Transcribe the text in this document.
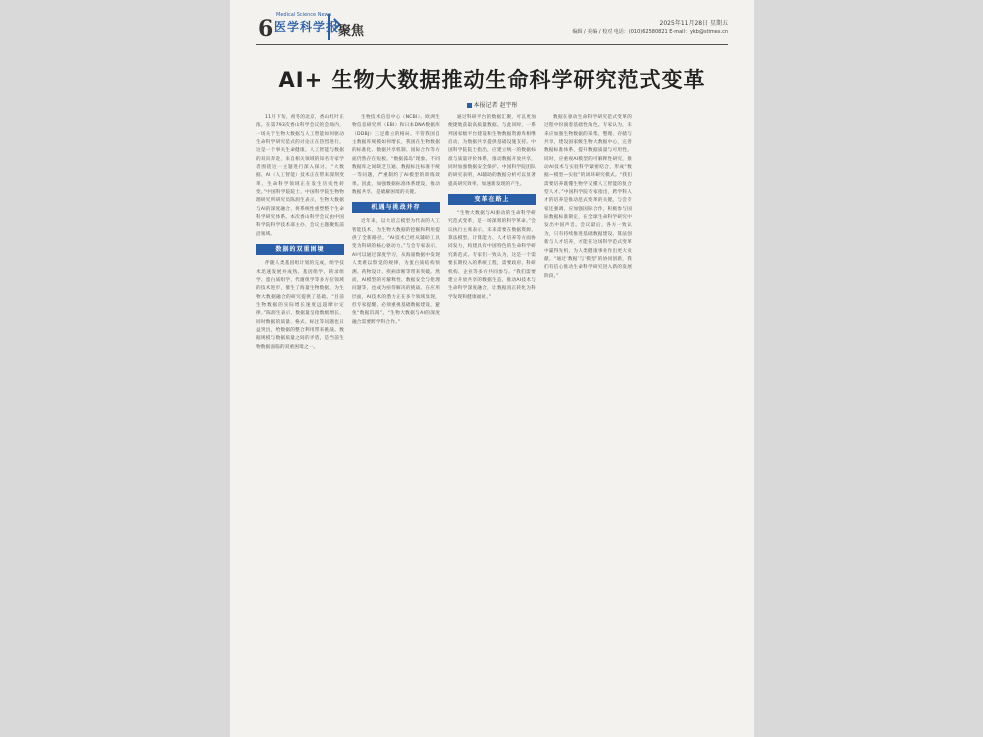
6
Medical Science News
医学科学报
聚焦
2025年11月28日 星期五
编辑 / 美编 / 校对 电话：(010)62580821 E-mail：ykb@stimes.cn
AI+ 生物大数据推动生命科学研究范式变革
本报记者 赵宇彤

11月下旬，初冬的北京，香山红叶正浓。在第793次香山科学会议的会场内，一场关于生物大数据与人工智能如何驱动生命科学研究范式的讨论正在热烈进行。这是一个事关生命健康、人工智能与数据的双向奔赴，来自相关领域的知名专家学者围绕这一主题进行深入探讨。“大数据、AI（人工智能）技术正在带来深刻变革，生命科学领域正在发生历史性转变。”中国科学院院士、中国科学院生物物理研究所研究员陈润生表示，生物大数据与AI的深度融合，将系统性重塑整个生命科学研究体系。本次香山科学会议由中国科学院科学技术部主办，会议主题聚焦前沿领域。

数据的双重困境

伴随人类基因组计划的完成，组学技术迅速发展并成熟。基因组学、转录组学、蛋白质组学、代谢组学等多方位领域的技术进步，催生了海量生物数据，为生物大数据融合的研究提供了基础。“目前生物数据的实际增长速度远超摩尔定律。”陈润生表示，数据量呈指数级增长，同时数据的质量、格式、标注等问题也日益突出，给数据的整合利用带来挑战。数据规模与数据质量之间的矛盾，是当前生物数据面临的双重困境之一。

生物技术信息中心（NCBI）、欧洲生物信息研究所（EBI）和日本DNA数据库（DDBJ）三足鼎立的格局。不管我国自主数据库规模如何增长，我国在生物数据的标准化、数据共享机制、国际合作等方面仍然存在短板。“数据孤岛”现象、不同数据库之间缺乏互通、数据标注标准不统一等问题，严重制约了AI模型的训练效果。因此，加强数据标准体系建设，推动数据共享，是破解困境的关键。

机遇与挑战并存

近年来，以大语言模型为代表的人工智能技术，为生物大数据的挖掘和利用提供了全新路径。“AI技术已经从辅助工具变为科研的核心驱动力。”与会专家表示，AI可以通过深度学习，从海量数据中发现人类难以察觉的规律，为蛋白质结构预测、药物设计、疾病诊断等带来突破。然而，AI模型的可解释性、数据安全与伦理问题等，也成为亟待解决的挑战。在应用层面，AI技术的潜力正在多个领域显现，但专家提醒，必须重视基础数据建设，避免“数据饥渴”。“生物大数据与AI的深度融合需要跨学科合作。”

通过科研平台的数据汇聚，可以更加便捷地获取高质量数据。与此同时，一系列国家级平台建设和生物数据资源库相继启动，为数据共享提供基础设施支持。中国科学院院士指出，应建立统一的数据标准与质量评价体系，推动数据开放共享，同时加强数据安全保护。中国科学院团队的研究表明，AI辅助的数据分析可以显著提高研究效率，加速新发现的产生。

变革在路上

“生物大数据与AI驱动的生命科学研究范式变革，是一场深刻的科学革命。”会议执行主席表示，未来需要在数据资源、算法模型、计算能力、人才培养等方面协同发力，构建具有中国特色的生命科学研究新范式。专家们一致认为，这是一个需要长期投入的系统工程，需要政府、科研机构、企业等多方共同参与。“我们需要建立开放共享的数据生态，推动AI技术与生命科学深度融合，让数据真正转化为科学发现和健康福祉。”

数据在驱动生命科学研究范式变革的过程中扮演着基础性角色。专家认为，未来应加强生物数据的采集、整理、存储与共享，建设国家级生物大数据中心，完善数据标准体系，提升数据质量与可用性。同时，应重视AI模型的可解释性研究，推动AI技术与实验科学紧密结合，形成“数据—模型—实验”的闭环研究模式。“我们需要培养既懂生物学又懂人工智能的复合型人才。”中国科学院专家指出，跨学科人才的培养是推动范式变革的关键。与会专家还强调，应加强国际合作，积极参与国际数据标准制定，在全球生命科学研究中发出中国声音。会议最后，各方一致认为，只有持续推进基础数据建设、算法创新与人才培养，才能在这场科学范式变革中赢得先机，为人类健康事业作出更大贡献。“通过‘数据’与‘模型’的协同创新，我们有信心推动生命科学研究进入新的发展阶段。”
